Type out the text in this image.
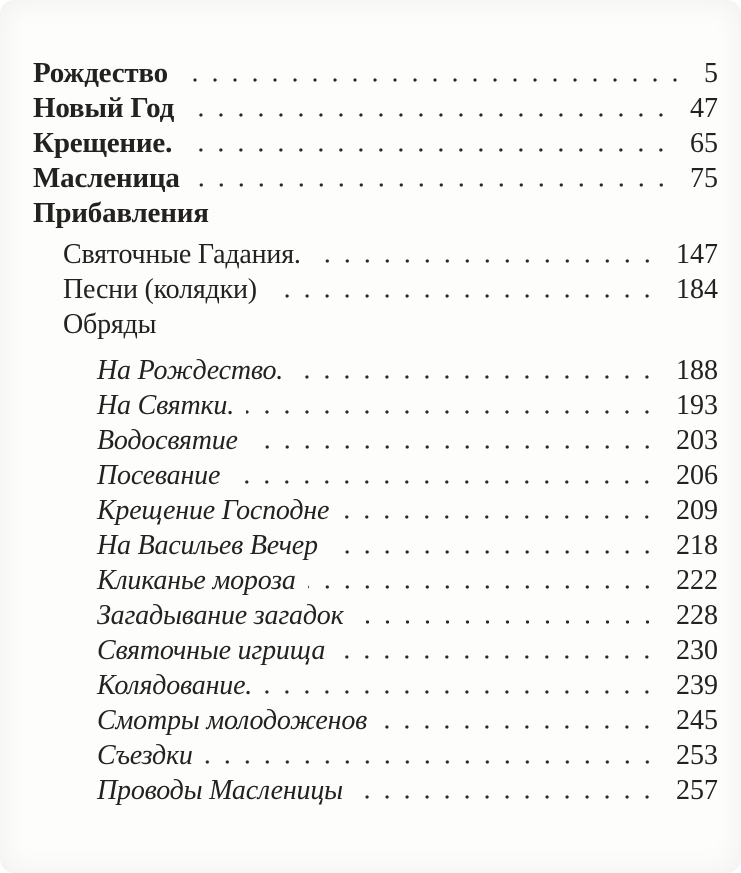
Рождество	5
Новый Год	47
Крещение.	65
Масленица	75
Прибавления
Святочные Гадания.	147
Песни (колядки)	184
Обряды
На Рождество.	188
На Святки.	193
Водосвятие	203
Посевание	206
Крещение Господне	209
На Васильев Вечер	218
Кликанье мороза	222
Загадывание загадок	228
Святочные игрища	230
Колядование.	239
Смотры молодоженов	245
Съездки	253
Проводы Масленицы	257
